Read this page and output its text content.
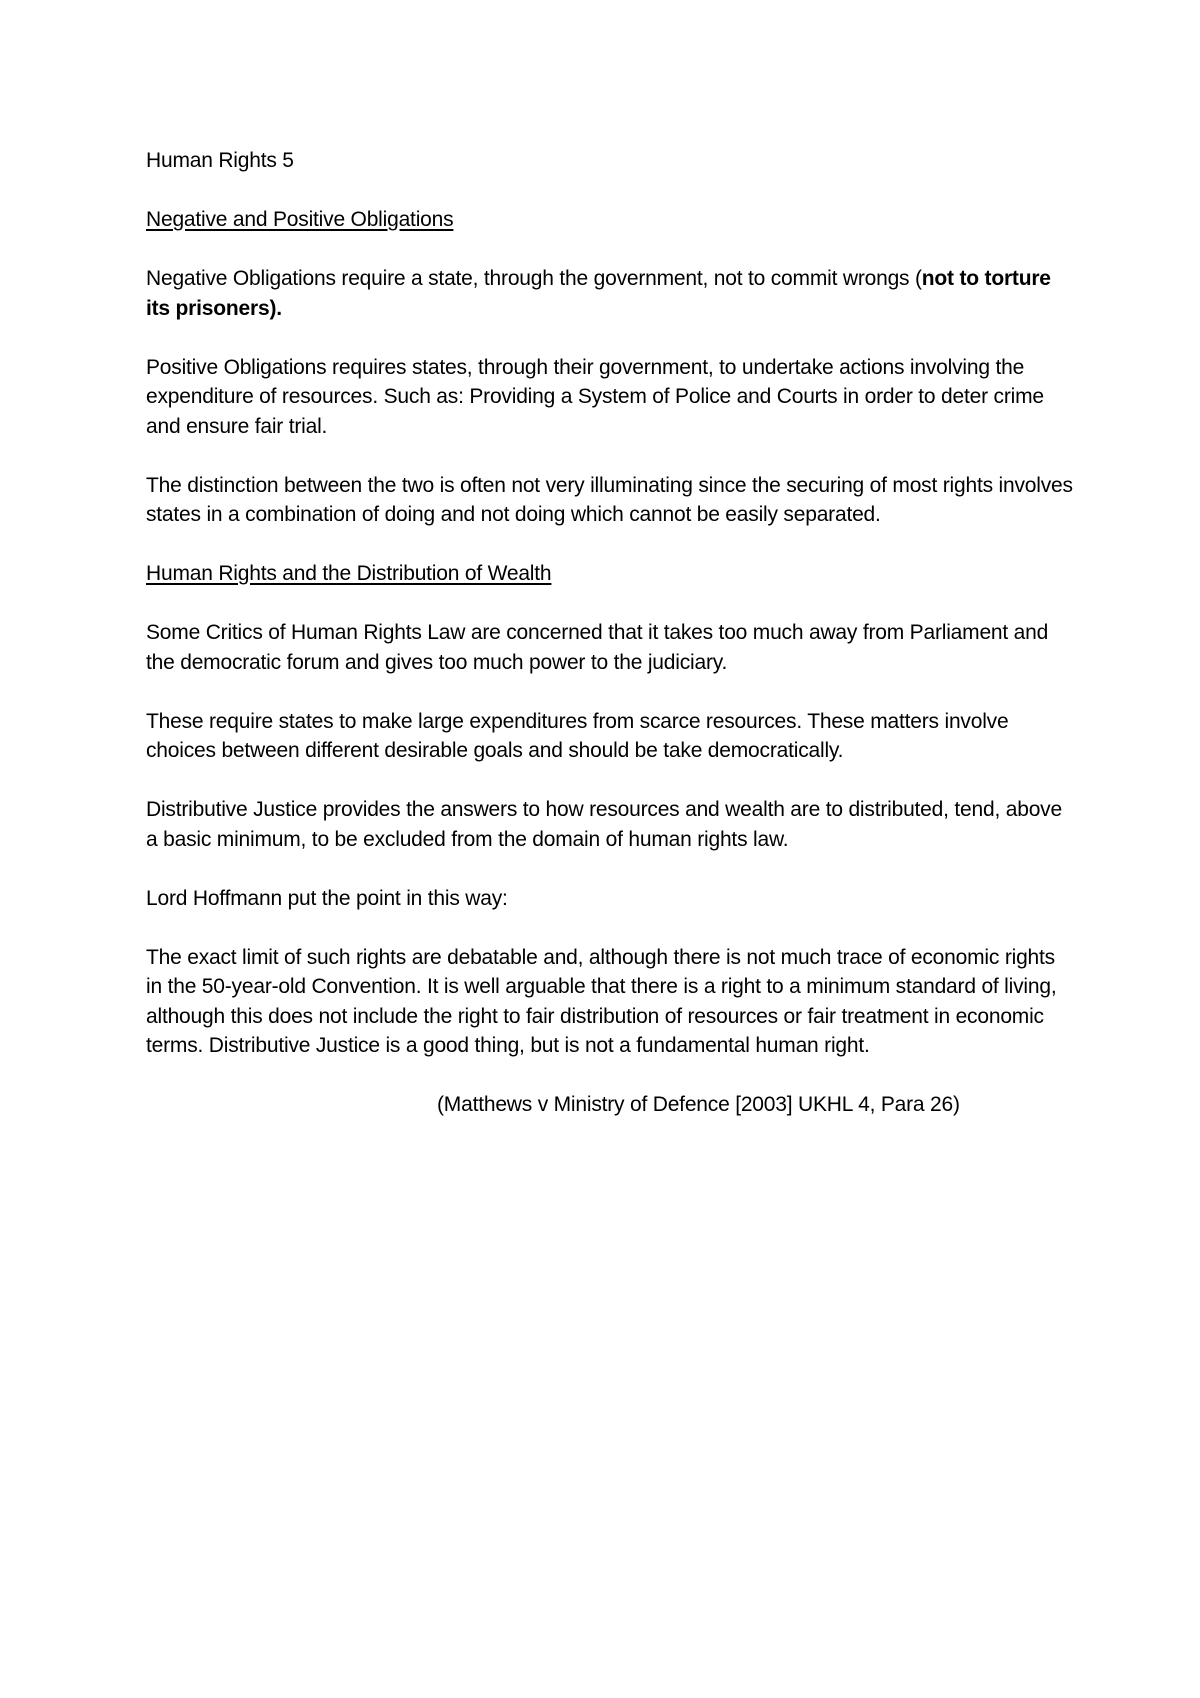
Human Rights 5

Negative and Positive Obligations

Negative Obligations require a state, through the government, not to commit wrongs (not to torture its prisoners).

Positive Obligations requires states, through their government, to undertake actions involving the expenditure of resources. Such as: Providing a System of Police and Courts in order to deter crime and ensure fair trial.

The distinction between the two is often not very illuminating since the securing of most rights involves states in a combination of doing and not doing which cannot be easily separated.

Human Rights and the Distribution of Wealth

Some Critics of Human Rights Law are concerned that it takes too much away from Parliament and the democratic forum and gives too much power to the judiciary.

These require states to make large expenditures from scarce resources. These matters involve choices between different desirable goals and should be take democratically.

Distributive Justice provides the answers to how resources and wealth are to distributed, tend, above a basic minimum, to be excluded from the domain of human rights law.

Lord Hoffmann put the point in this way:

The exact limit of such rights are debatable and, although there is not much trace of economic rights in the 50-year-old Convention. It is well arguable that there is a right to a minimum standard of living, although this does not include the right to fair distribution of resources or fair treatment in economic terms. Distributive Justice is a good thing, but is not a fundamental human right.

(Matthews v Ministry of Defence [2003] UKHL 4, Para 26)
